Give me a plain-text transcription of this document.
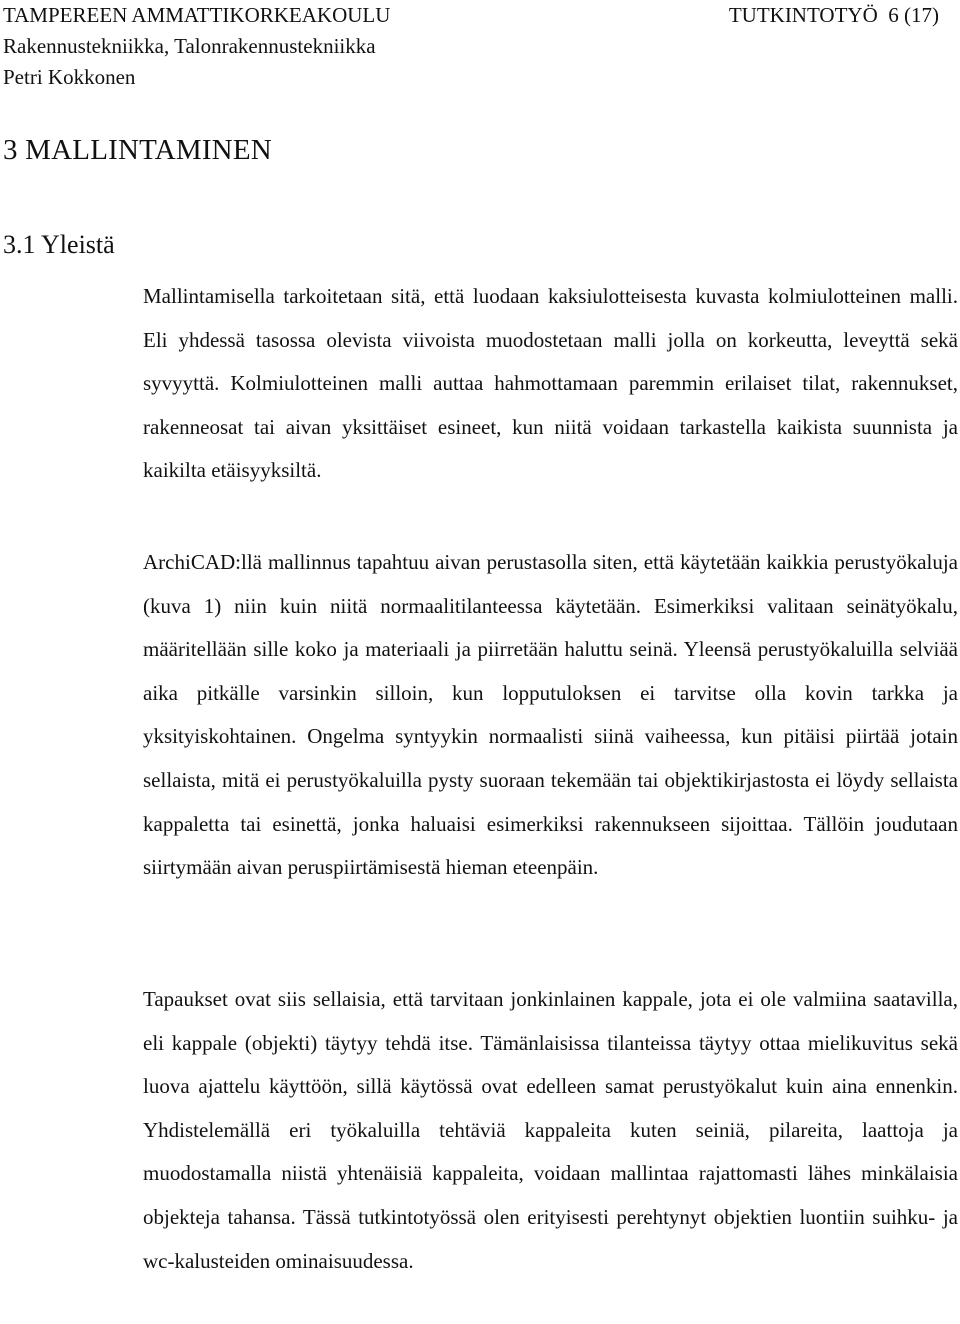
TAMPEREEN AMMATTIKORKEAKOULU	TUTKINTOTYÖ 6 (17)
Rakennustekniikka, Talonrakennustekniikka
Petri Kokkonen
3 MALLINTAMINEN
3.1 Yleistä

Mallintamisella tarkoitetaan sitä, että luodaan kaksiulotteisesta kuvasta kolmiulotteinen malli. Eli yhdessä tasossa olevista viivoista muodostetaan malli jolla on korkeutta, leveyttä sekä syvyyttä. Kolmiulotteinen malli auttaa hahmottamaan paremmin erilaiset tilat, rakennukset, rakenneosat tai aivan yksittäiset esineet, kun niitä voidaan tarkastella kaikista suunnista ja kaikilta etäisyyksiltä.

ArchiCAD:llä mallinnus tapahtuu aivan perustasolla siten, että käytetään kaikkia perustyökaluja (kuva 1) niin kuin niitä normaalitilanteessa käytetään. Esimerkiksi valitaan seinätyökalu, määritellään sille koko ja materiaali ja piirretään haluttu seinä. Yleensä perustyökaluilla selviää aika pitkälle varsinkin silloin, kun lopputuloksen ei tarvitse olla kovin tarkka ja yksityiskohtainen. Ongelma syntyykin normaalisti siinä vaiheessa, kun pitäisi piirtää jotain sellaista, mitä ei perustyökaluilla pysty suoraan tekemään tai objektikirjastosta ei löydy sellaista kappaletta tai esinettä, jonka haluaisi esimerkiksi rakennukseen sijoittaa. Tällöin joudutaan siirtymään aivan peruspiirtämisestä hieman eteenpäin.

Tapaukset ovat siis sellaisia, että tarvitaan jonkinlainen kappale, jota ei ole valmiina saatavilla, eli kappale (objekti) täytyy tehdä itse. Tämänlaisissa tilanteissa täytyy ottaa mielikuvitus sekä luova ajattelu käyttöön, sillä käytössä ovat edelleen samat perustyökalut kuin aina ennenkin. Yhdistelemällä eri työkaluilla tehtäviä kappaleita kuten seiniä, pilareita, laattoja ja muodostamalla niistä yhtenäisiä kappaleita, voidaan mallintaa rajattomasti lähes minkälaisia objekteja tahansa. Tässä tutkintotyössä olen erityisesti perehtynyt objektien luontiin suihku- ja wc-kalusteiden ominaisuudessa.
